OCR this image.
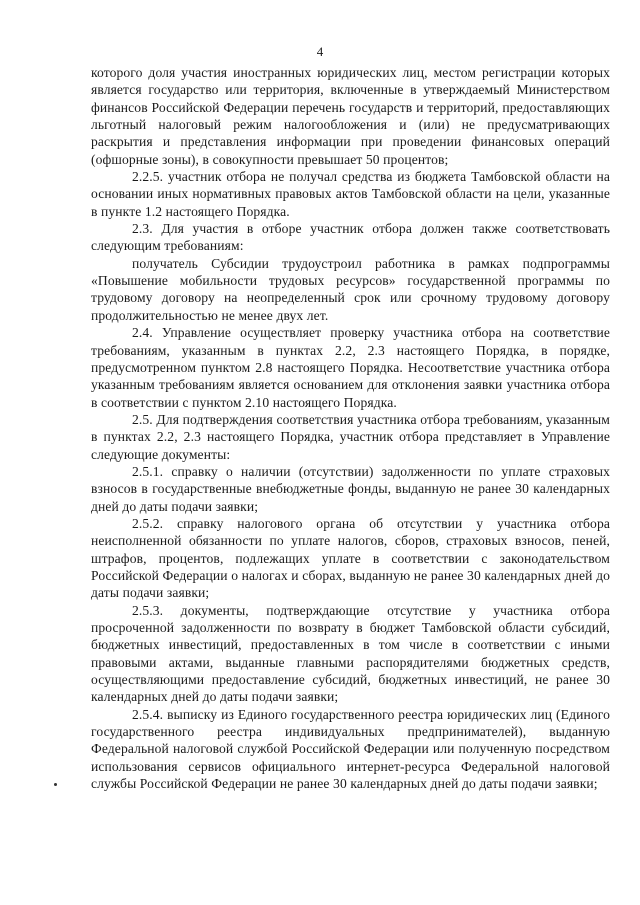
4

которого доля участия иностранных юридических лиц, местом регистрации которых является государство или территория, включенные в утверждаемый Министерством финансов Российской Федерации перечень государств и территорий, предоставляющих льготный налоговый режим налогообложения и (или) не предусматривающих раскрытия и представления информации при проведении финансовых операций (офшорные зоны), в совокупности превышает 50 процентов;

2.2.5. участник отбора не получал средства из бюджета Тамбовской области на основании иных нормативных правовых актов Тамбовской области на цели, указанные в пункте 1.2 настоящего Порядка.

2.3. Для участия в отборе участник отбора должен также соответствовать следующим требованиям:

получатель Субсидии трудоустроил работника в рамках подпрограммы «Повышение мобильности трудовых ресурсов» государственной программы по трудовому договору на неопределенный срок или срочному трудовому договору продолжительностью не менее двух лет.

2.4. Управление осуществляет проверку участника отбора на соответствие требованиям, указанным в пунктах 2.2, 2.3 настоящего Порядка, в порядке, предусмотренном пунктом 2.8 настоящего Порядка. Несоответствие участника отбора указанным требованиям является основанием для отклонения заявки участника отбора в соответствии с пунктом 2.10 настоящего Порядка.

2.5. Для подтверждения соответствия участника отбора требованиям, указанным в пунктах 2.2, 2.3 настоящего Порядка, участник отбора представляет в Управление следующие документы:

2.5.1. справку о наличии (отсутствии) задолженности по уплате страховых взносов в государственные внебюджетные фонды, выданную не ранее 30 календарных дней до даты подачи заявки;

2.5.2. справку налогового органа об отсутствии у участника отбора неисполненной обязанности по уплате налогов, сборов, страховых взносов, пеней, штрафов, процентов, подлежащих уплате в соответствии с законодательством Российской Федерации о налогах и сборах, выданную не ранее 30 календарных дней до даты подачи заявки;

2.5.3. документы, подтверждающие отсутствие у участника отбора просроченной задолженности по возврату в бюджет Тамбовской области субсидий, бюджетных инвестиций, предоставленных в том числе в соответствии с иными правовыми актами, выданные главными распорядителями бюджетных средств, осуществляющими предоставление субсидий, бюджетных инвестиций, не ранее 30 календарных дней до даты подачи заявки;

2.5.4. выписку из Единого государственного реестра юридических лиц (Единого государственного реестра индивидуальных предпринимателей), выданную Федеральной налоговой службой Российской Федерации или полученную посредством использования сервисов официального интернет-ресурса Федеральной налоговой службы Российской Федерации не ранее 30 календарных дней до даты подачи заявки;
